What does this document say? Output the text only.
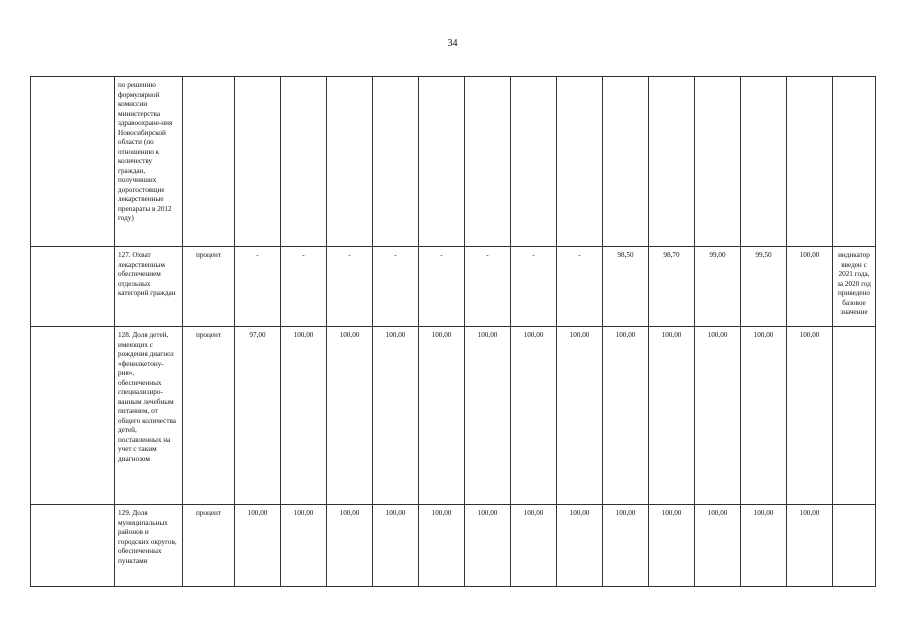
34
	по решению формулярной комиссии министерства здравоохране-ния Новосибирской области (по отношению к количеству граждан, получивших дорогостоящие лекарственные препараты в 2012 году)															
	127. Охват лекарственным обеспечением отдельных категорий граждан	процент	-	-	-	-	-	-	-	-	98,50	98,70	99,00	99,50	100,00	индикатор введен с 2021 года, за 2020 год приведено базовое значение
	128. Доля детей, имеющих с рождения диагноз «фенилкетону-рия», обеспеченных специализиро-ванным лечебным питанием, от общего количества детей, поставленных на учет с таким диагнозом	процент	97,00	100,00	100,00	100,00	100,00	100,00	100,00	100,00	100,00	100,00	100,00	100,00	100,00	
	129. Доля муниципальных районов и городских округов, обеспеченных пунктами	процент	100,00	100,00	100,00	100,00	100,00	100,00	100,00	100,00	100,00	100,00	100,00	100,00	100,00	
